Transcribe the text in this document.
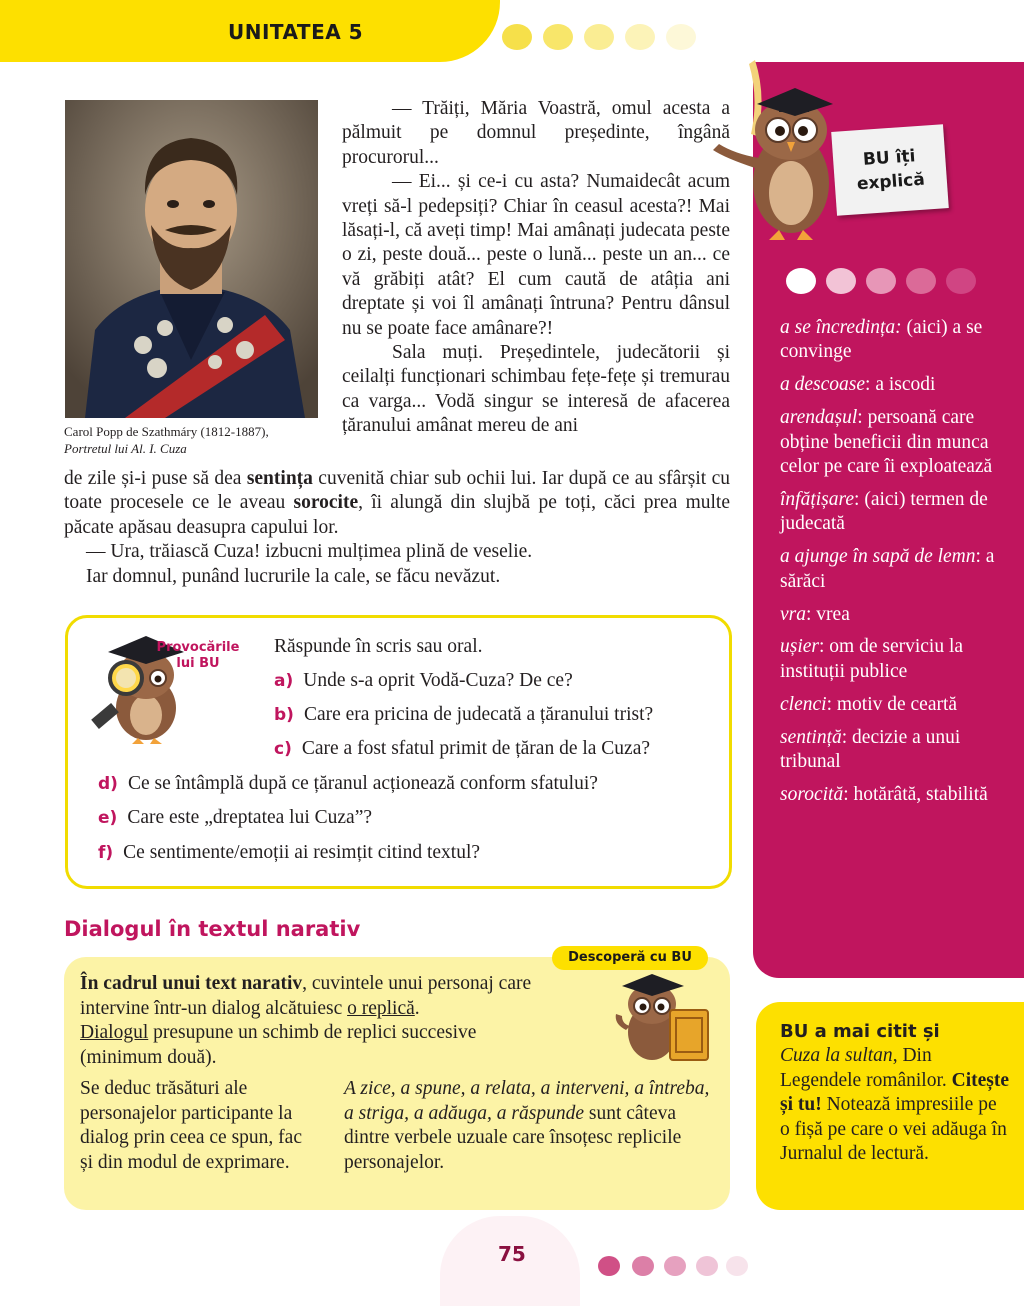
UNITATEA 5
Carol Popp de Szathmáry (1812-1887),
Portretul lui Al. I. Cuza

— Trăiți, Măria Voastră, omul acesta a pălmuit pe domnul președinte, îngână procurorul...

— Ei... și ce-i cu asta? Numaidecât acum vreți să-l pedepsiți? Chiar în ceasul acesta?! Mai lăsați-l, că aveți timp! Mai amânați judecata peste o zi, peste două... peste o lună... peste un an... ce vă grăbiți atât? El cum caută de atâția ani dreptate și voi îl amânați întruna? Pentru dânsul nu se poate face amânare?!

Sala muți. Președintele, judecătorii și ceilalți funcționari schimbau fețe-fețe și tremurau ca varga... Vodă singur se interesă de afacerea țăranului amânat mereu de ani

de zile și-i puse să dea sentința cuvenită chiar sub ochii lui. Iar după ce au sfârșit cu toate procesele ce le aveau sorocite, îi alungă din slujbă pe toți, căci prea multe păcate apăsau deasupra capului lor.

— Ura, trăiască Cuza! izbucni mulțimea plină de veselie.

Iar domnul, punând lucrurile la cale, se făcu nevăzut.

BU îți
explică

a se încredința: (aici) a se convinge

a descoase: a iscodi

arendașul: persoană care obține beneficii din munca celor pe care îi exploatează

înfățișare: (aici) termen de judecată

a ajunge în sapă de lemn: a sărăci

vra: vrea

ușier: om de serviciu la instituții publice

clenci: motiv de ceartă

sentință: decizie a unui tribunal

sorocită: hotărâtă, stabilită

Provocările
lui BU
Răspunde în scris sau oral.
a) Unde s-a oprit Vodă-Cuza? De ce?
b) Care era pricina de judecată a țăranului trist?
c) Care a fost sfatul primit de țăran de la Cuza?
d) Ce se întâmplă după ce țăranul acționează conform sfatului?
e) Care este „dreptatea lui Cuza”?
f) Ce sentimente/emoții ai resimțit citind textul?
Dialogul în textul narativ
Descoperă cu BU

În cadrul unui text narativ, cuvintele unui personaj care intervine într-un dialog alcătuiesc o replică.

Dialogul presupune un schimb de replici succesive (minimum două).

Se deduc trăsături ale personajelor participante la dialog prin ceea ce spun, fac și din modul de exprimare.

A zice, a spune, a relata, a interveni, a întreba, a striga, a adăuga, a răspunde sunt câteva dintre verbele uzuale care însoțesc replicile personajelor.

BU a mai citit și
Cuza la sultan, Din Legendele românilor. Citește și tu! Notează impresiile pe o fișă pe care o vei adăuga în Jurnalul de lectură.
75
